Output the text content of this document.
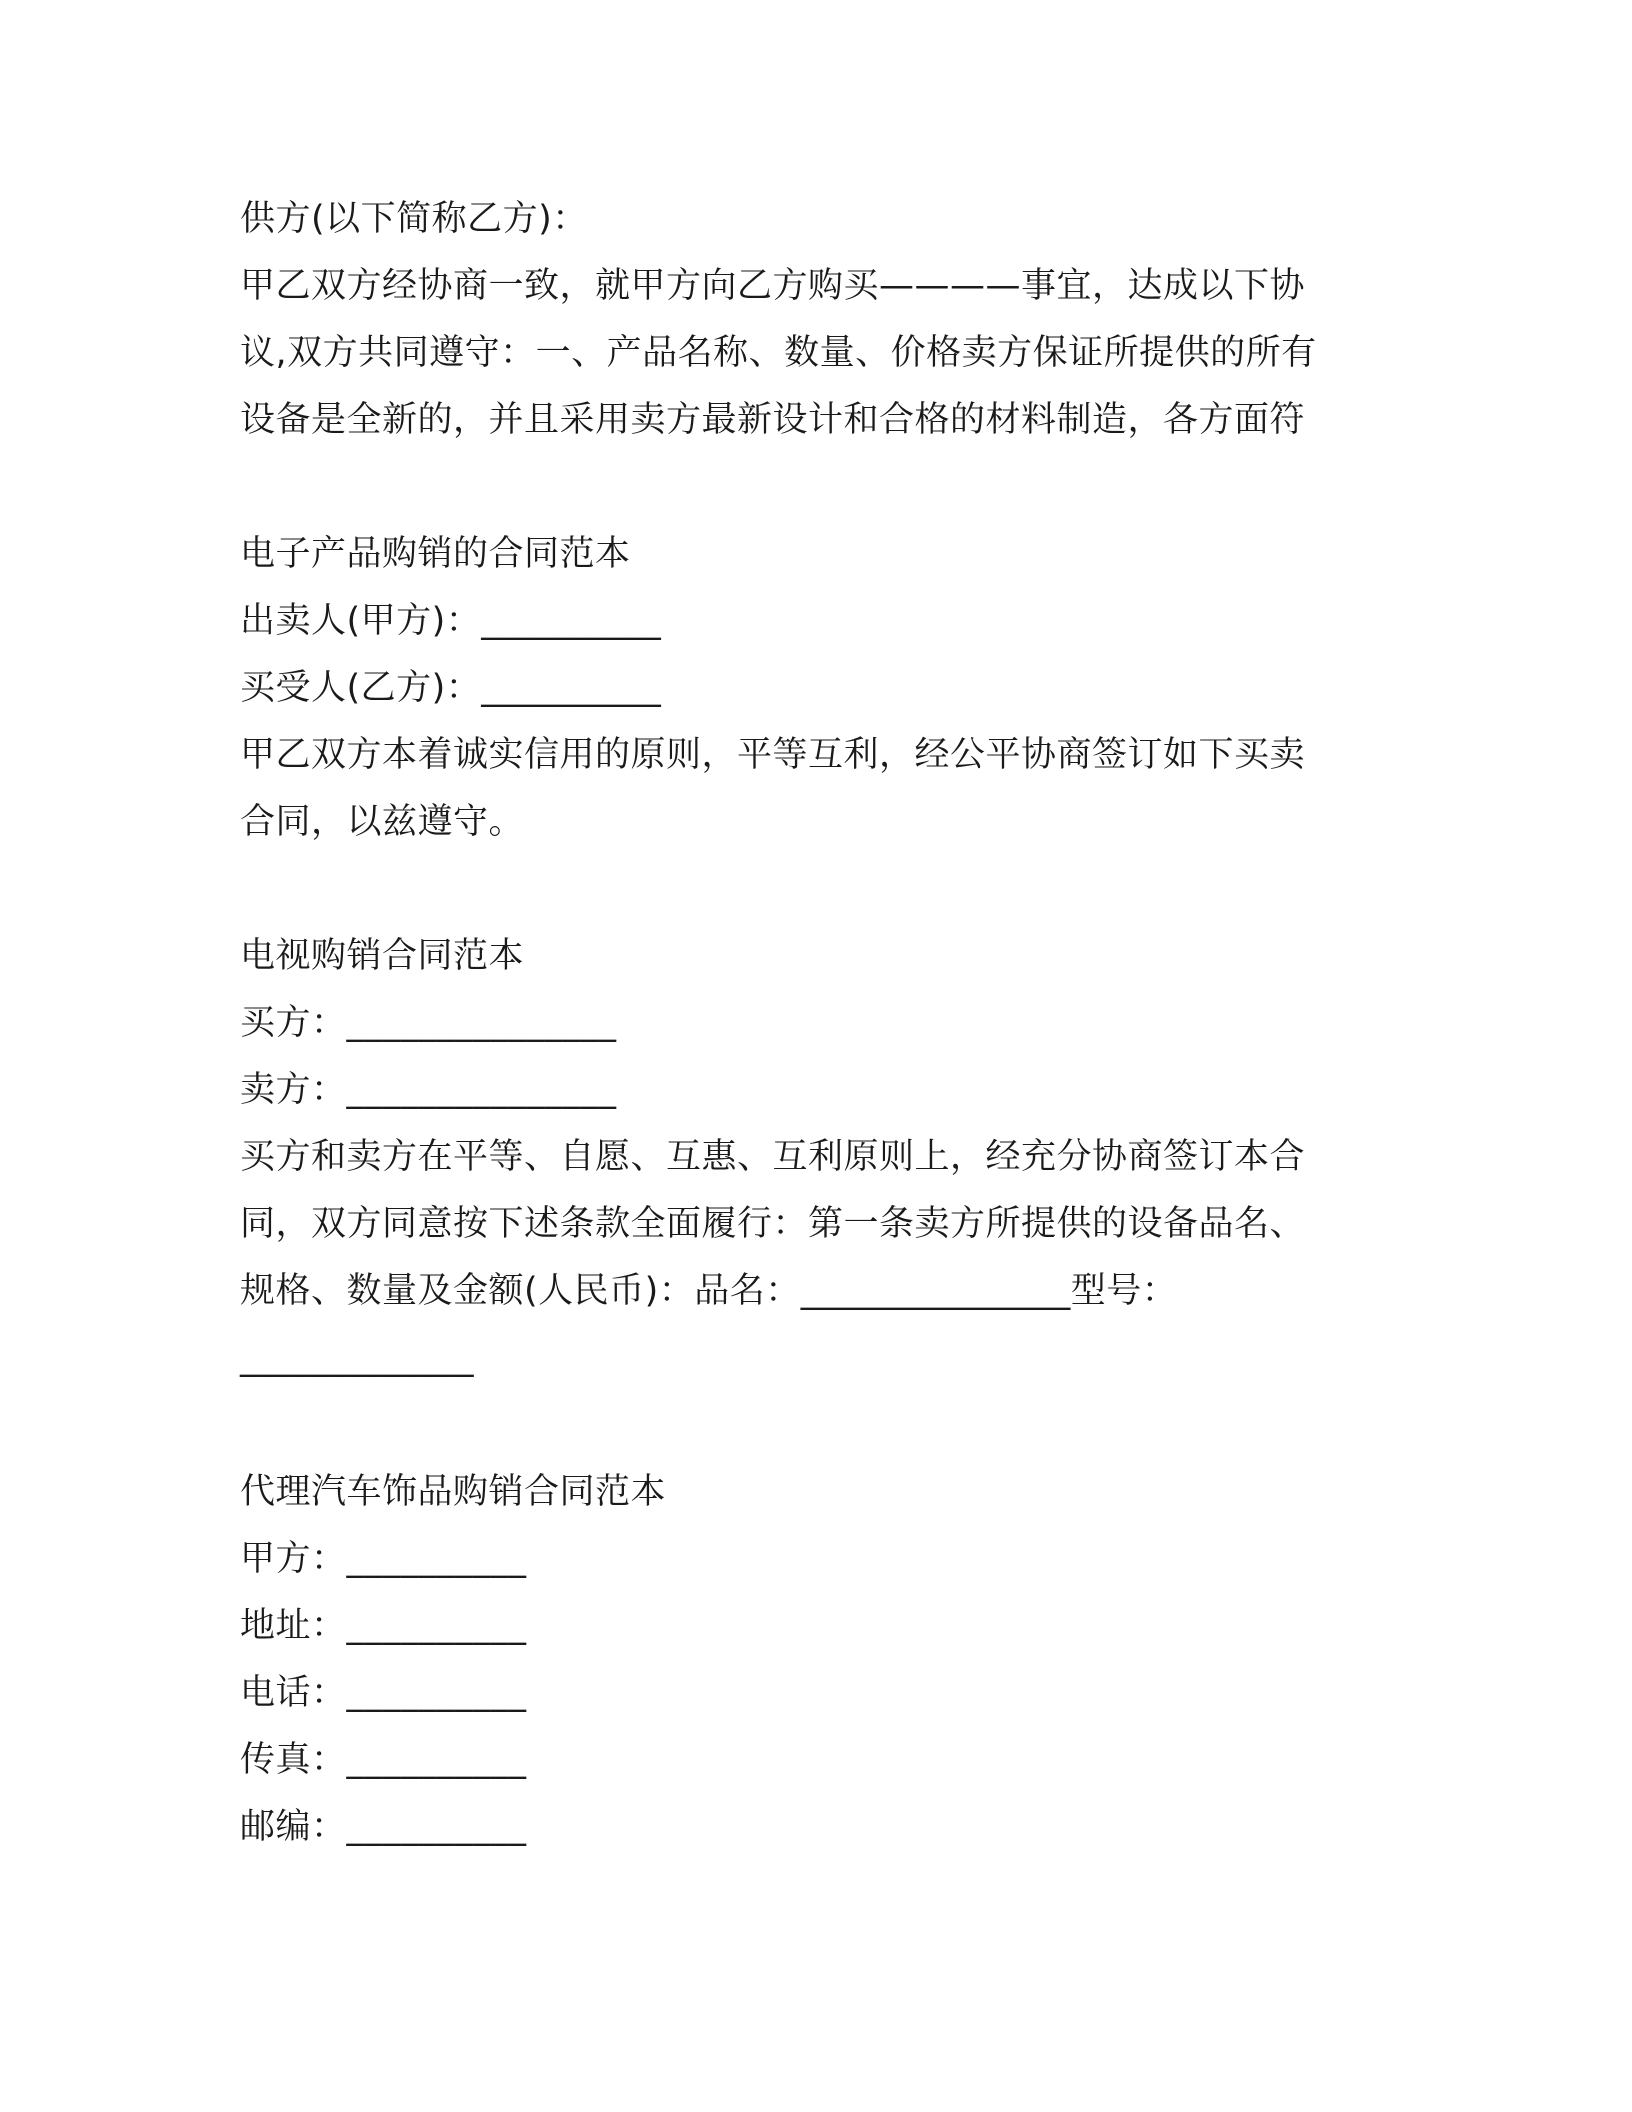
供方(以下简称乙方)：
甲乙双方经协商一致，就甲方向乙方购买————事宜，达成以下协
议,双方共同遵守：一、产品名称、数量、价格卖方保证所提供的所有
设备是全新的，并且采用卖方最新设计和合格的材料制造，各方面符
电子产品购销的合同范本
出卖人(甲方)：__________
买受人(乙方)：__________
甲乙双方本着诚实信用的原则，平等互利，经公平协商签订如下买卖
合同，以兹遵守。
电视购销合同范本
买方：_______________
卖方：_______________
买方和卖方在平等、自愿、互惠、互利原则上，经充分协商签订本合
同，双方同意按下述条款全面履行：第一条卖方所提供的设备品名、
规格、数量及金额(人民币)：品名：_______________型号：
_____________
代理汽车饰品购销合同范本
甲方：__________
地址：__________
电话：__________
传真：__________
邮编：__________
